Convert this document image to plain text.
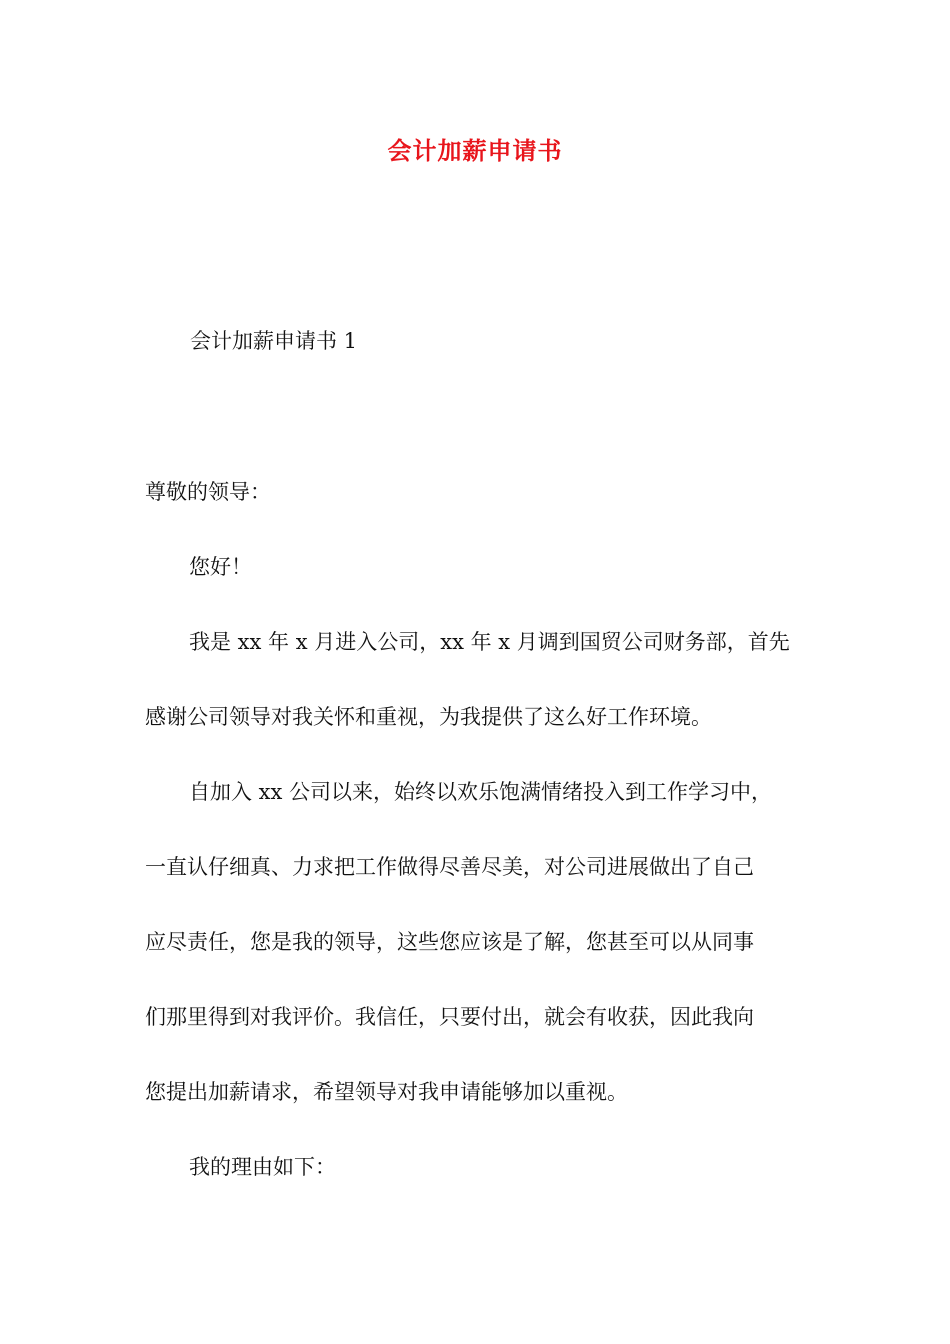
会计加薪申请书
会计加薪申请书 1
尊敬的领导：
您好！
我是 xx 年 x 月进入公司，xx 年 x 月调到国贸公司财务部，首先
感谢公司领导对我关怀和重视，为我提供了这么好工作环境。
自加入 xx 公司以来，始终以欢乐饱满情绪投入到工作学习中，
一直认仔细真、力求把工作做得尽善尽美，对公司进展做出了自己
应尽责任，您是我的领导，这些您应该是了解，您甚至可以从同事
们那里得到对我评价。我信任，只要付出，就会有收获，因此我向
您提出加薪请求，希望领导对我申请能够加以重视。
我的理由如下：
